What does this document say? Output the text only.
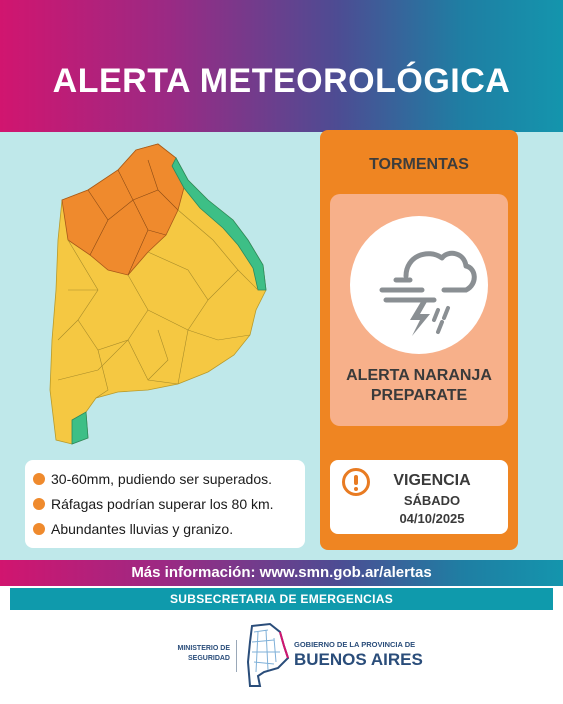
ALERTA METEOROLÓGICA
30-60mm, pudiendo ser superados.
Ráfagas podrían superar los 80 km.
Abundantes lluvias y granizo.
TORMENTAS
ALERTA NARANJA
PREPARATE
VIGENCIA
SÁBADO
04/10/2025
Más información: www.smn.gob.ar/alertas
SUBSECRETARIA DE EMERGENCIAS
MINISTERIO DE
SEGURIDAD
GOBIERNO DE LA PROVINCIA DE
BUENOS AIRES
